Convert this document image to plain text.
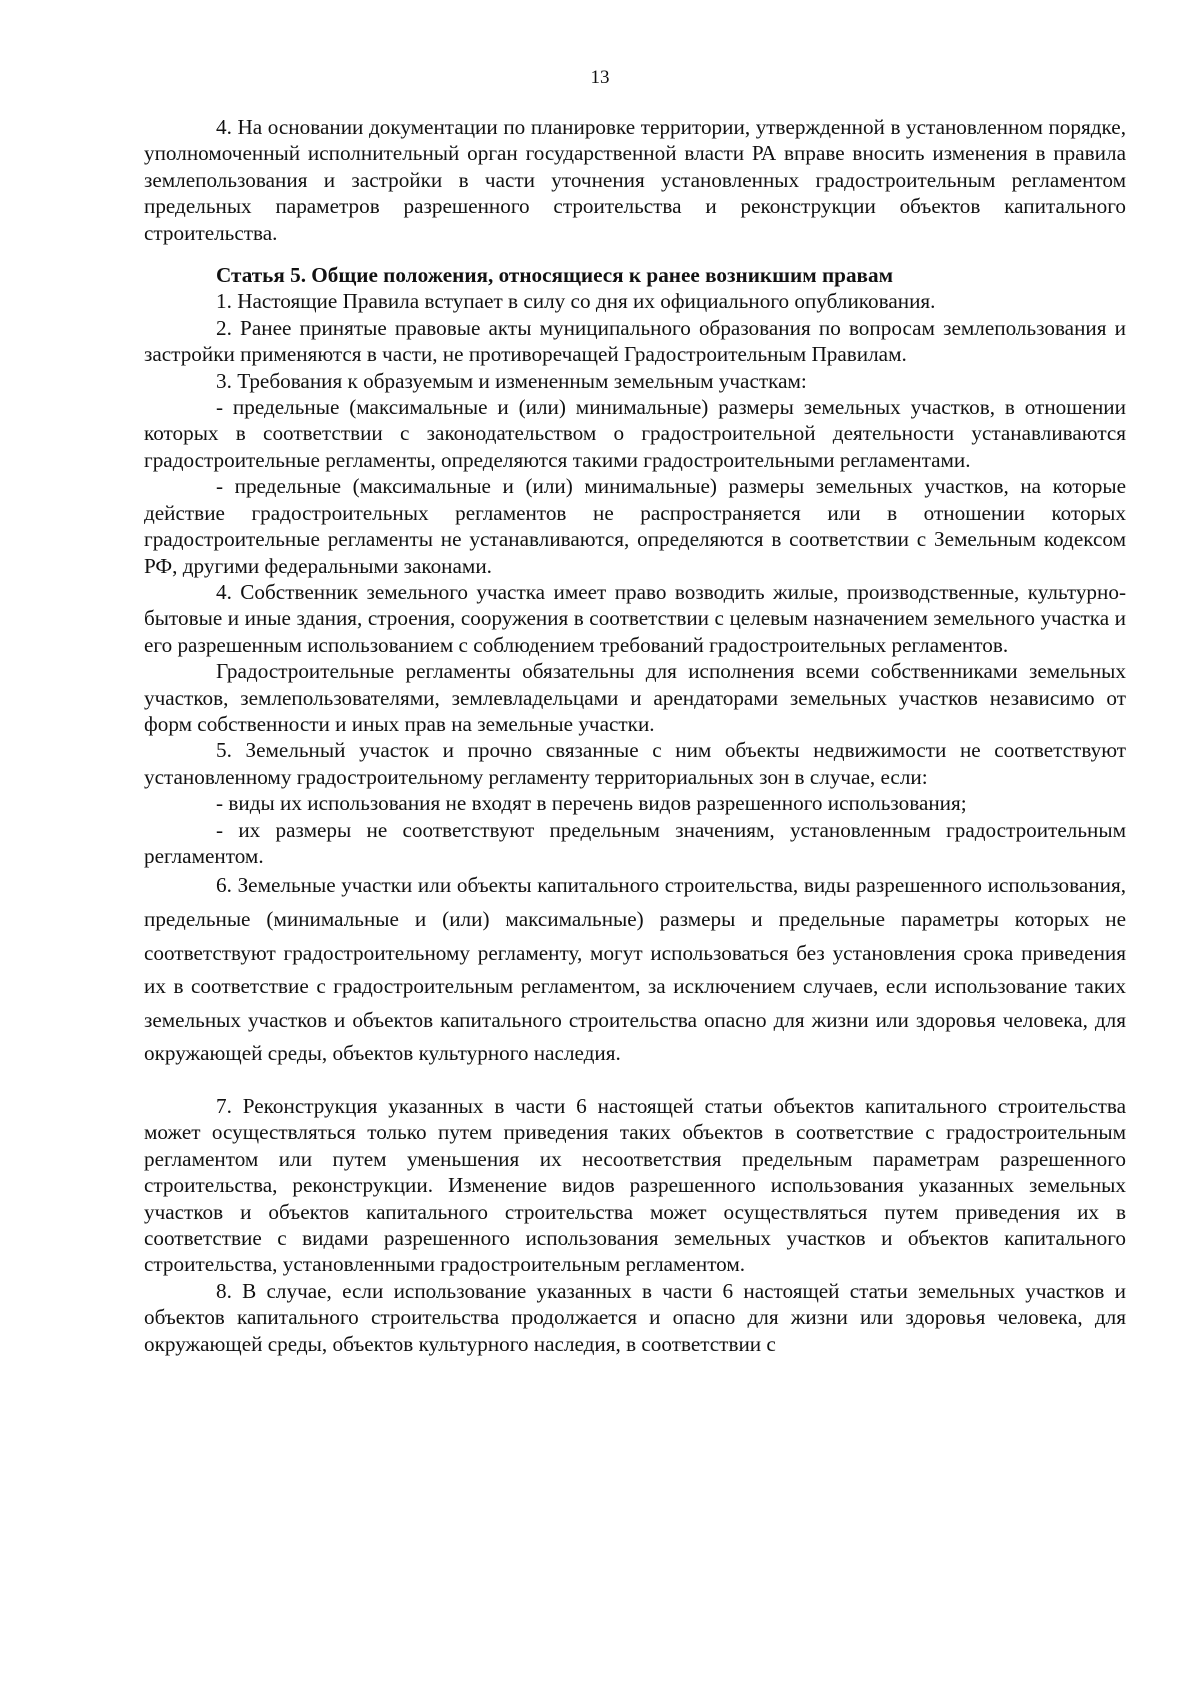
13

4. На основании документации по планировке территории, утвержденной в установленном порядке, уполномоченный исполнительный орган государственной власти РА вправе вносить изменения в правила землепользования и застройки в части уточнения установленных градостроительным регламентом предельных параметров разрешенного строительства и реконструкции объектов капитального строительства.

Статья 5. Общие положения, относящиеся к ранее возникшим правам

1. Настоящие Правила вступает в силу со дня их официального опубликования.

2. Ранее принятые правовые акты муниципального образования по вопросам землепользования и застройки применяются в части, не противоречащей Градостроительным Правилам.

3. Требования к образуемым и измененным земельным участкам:

- предельные (максимальные и (или) минимальные) размеры земельных участков, в отношении которых в соответствии с законодательством о градостроительной деятельности устанавливаются градостроительные регламенты, определяются такими градостроительными регламентами.

- предельные (максимальные и (или) минимальные) размеры земельных участков, на которые действие градостроительных регламентов не распространяется или в отношении которых градостроительные регламенты не устанавливаются, определяются в соответствии с Земельным кодексом РФ, другими федеральными законами.

4. Собственник земельного участка имеет право возводить жилые, производственные, культурно-бытовые и иные здания, строения, сооружения в соответствии с целевым назначением земельного участка и его разрешенным использованием с соблюдением требований градостроительных регламентов.

Градостроительные регламенты обязательны для исполнения всеми собственниками земельных участков, землепользователями, землевладельцами и арендаторами земельных участков независимо от форм собственности и иных прав на земельные участки.

5. Земельный участок и прочно связанные с ним объекты недвижимости не соответствуют установленному градостроительному регламенту территориальных зон в случае, если:

- виды их использования не входят в перечень видов разрешенного использования;

- их размеры не соответствуют предельным значениям, установленным градостроительным регламентом.

6. Земельные участки или объекты капитального строительства, виды разрешенного использования, предельные (минимальные и (или) максимальные) размеры и предельные параметры которых не соответствуют градостроительному регламенту, могут использоваться без установления срока приведения их в соответствие с градостроительным регламентом, за исключением случаев, если использование таких земельных участков и объектов капитального строительства опасно для жизни или здоровья человека, для окружающей среды, объектов культурного наследия.

7. Реконструкция указанных в части 6 настоящей статьи объектов капитального строительства может осуществляться только путем приведения таких объектов в соответствие с градостроительным регламентом или путем уменьшения их несоответствия предельным параметрам разрешенного строительства, реконструкции. Изменение видов разрешенного использования указанных земельных участков и объектов капитального строительства может осуществляться путем приведения их в соответствие с видами разрешенного использования земельных участков и объектов капитального строительства, установленными градостроительным регламентом.

8. В случае, если использование указанных в части 6 настоящей статьи земельных участков и объектов капитального строительства продолжается и опасно для жизни или здоровья человека, для окружающей среды, объектов культурного наследия, в соответствии с
